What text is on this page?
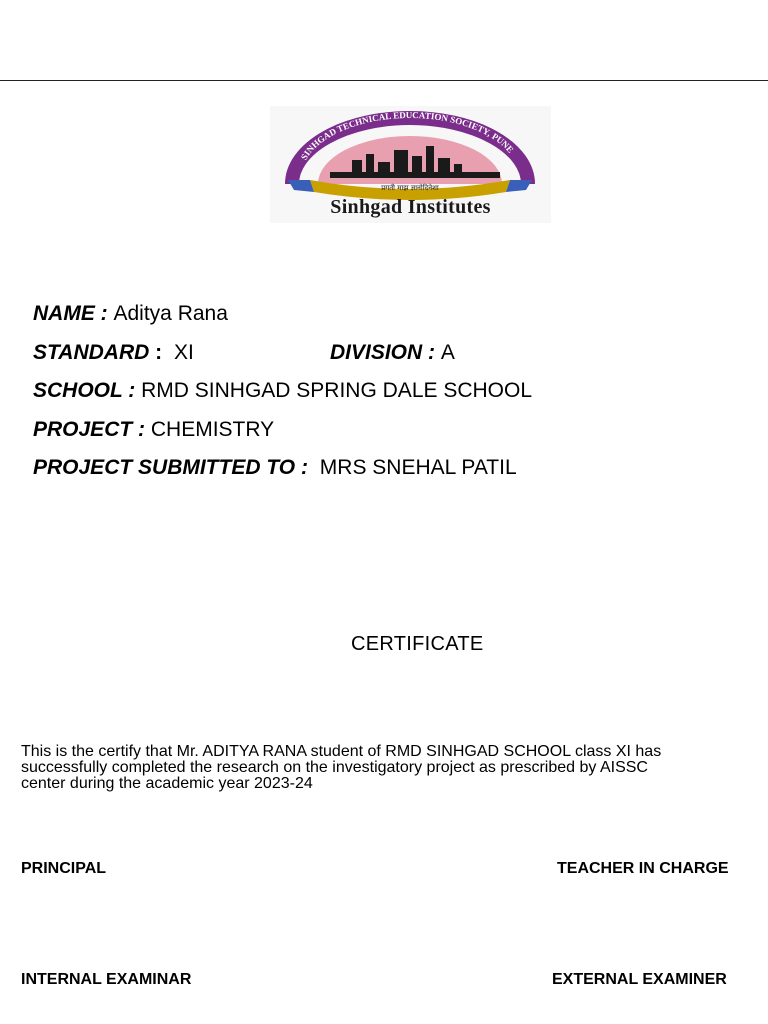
SINHGAD TECHNICAL EDUCATION SOCIETY, PUNE
प्रगती माझ ज्ञानोदिनेशा
Sinhgad Institutes
NAME : Aditya Rana
STANDARD : XI	DIVISION : A
SCHOOL : RMD SINHGAD SPRING DALE SCHOOL
PROJECT : CHEMISTRY
PROJECT SUBMITTED TO : MRS SNEHAL PATIL
CERTIFICATE
This is the certify that Mr. ADITYA RANA student of RMD SINHGAD SCHOOL class XI has
successfully completed the research on the investigatory project as prescribed by AISSC
center during the academic year 2023-24
PRINCIPAL	TEACHER IN CHARGE
INTERNAL EXAMINAR	EXTERNAL EXAMINER
